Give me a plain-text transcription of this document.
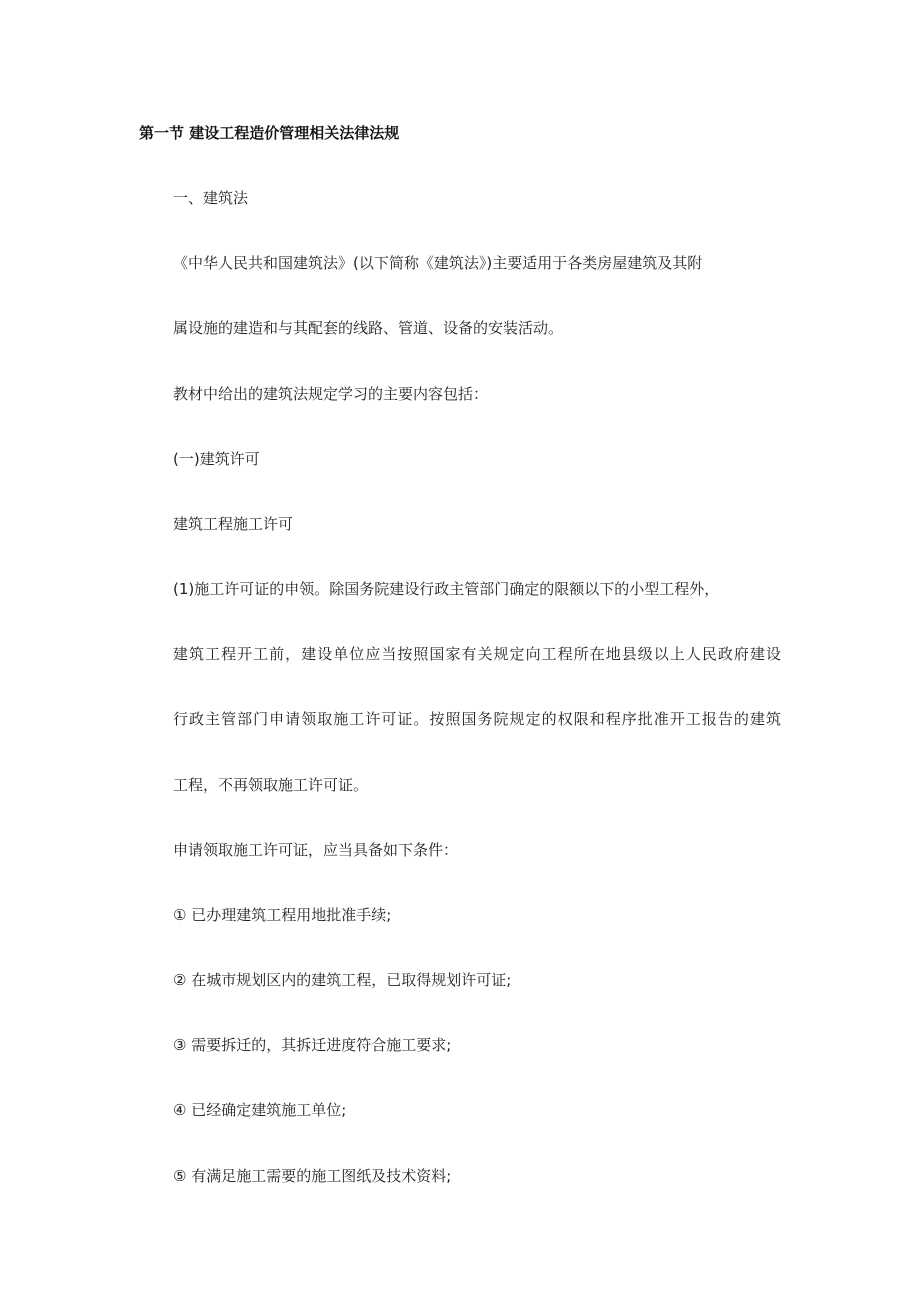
第一节 建设工程造价管理相关法律法规
一、建筑法
《中华人民共和国建筑法》(以下简称《建筑法》)主要适用于各类房屋建筑及其附
属设施的建造和与其配套的线路、管道、设备的安装活动。
教材中给出的建筑法规定学习的主要内容包括：
(一)建筑许可
建筑工程施工许可
(1)施工许可证的申领。除国务院建设行政主管部门确定的限额以下的小型工程外，
建筑工程开工前，建设单位应当按照国家有关规定向工程所在地县级以上人民政府建设
行政主管部门申请领取施工许可证。按照国务院规定的权限和程序批准开工报告的建筑
工程，不再领取施工许可证。
申请领取施工许可证，应当具备如下条件：
① 已办理建筑工程用地批准手续;
② 在城市规划区内的建筑工程，已取得规划许可证;
③ 需要拆迁的，其拆迁进度符合施工要求;
④ 已经确定建筑施工单位;
⑤ 有满足施工需要的施工图纸及技术资料;
